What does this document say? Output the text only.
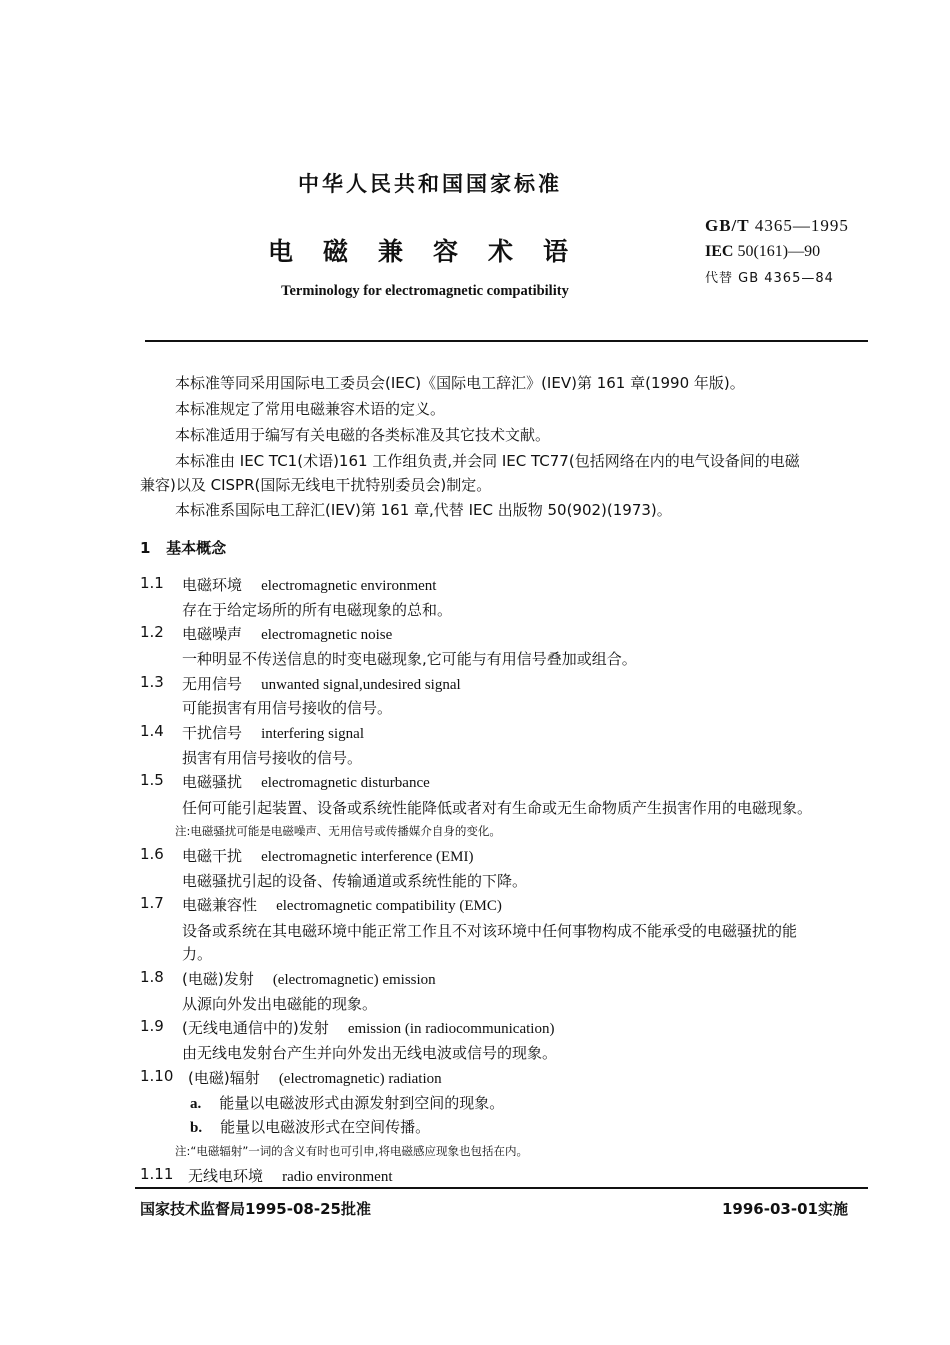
中华人民共和国国家标准
电磁兼容术语
Terminology for electromagnetic compatibility
GB/T 4365—1995
IEC 50(161)—90
代替 GB 4365—84
本标准等同采用国际电工委员会(IEC)《国际电工辞汇》(IEV)第 161 章(1990 年版)。
本标准规定了常用电磁兼容术语的定义。
本标准适用于编写有关电磁的各类标准及其它技术文献。
本标准由 IEC TC1(术语)161 工作组负责,并会同 IEC TC77(包括网络在内的电气设备间的电磁
兼容)以及 CISPR(国际无线电干扰特别委员会)制定。
本标准系国际电工辞汇(IEV)第 161 章,代替 IEC 出版物 50(902)(1973)。
1 基本概念
1.1 电磁环境 electromagnetic environment
存在于给定场所的所有电磁现象的总和。
1.2 电磁噪声 electromagnetic noise
一种明显不传送信息的时变电磁现象,它可能与有用信号叠加或组合。
1.3 无用信号 unwanted signal,undesired signal
可能损害有用信号接收的信号。
1.4 干扰信号 interfering signal
损害有用信号接收的信号。
1.5 电磁骚扰 electromagnetic disturbance
任何可能引起装置、设备或系统性能降低或者对有生命或无生命物质产生损害作用的电磁现象。
注:电磁骚扰可能是电磁噪声、无用信号或传播媒介自身的变化。
1.6 电磁干扰 electromagnetic interference (EMI)
电磁骚扰引起的设备、传输通道或系统性能的下降。
1.7 电磁兼容性 electromagnetic compatibility (EMC)
设备或系统在其电磁环境中能正常工作且不对该环境中任何事物构成不能承受的电磁骚扰的能
力。
1.8 (电磁)发射 (electromagnetic) emission
从源向外发出电磁能的现象。
1.9 (无线电通信中的)发射 emission (in radiocommunication)
由无线电发射台产生并向外发出无线电波或信号的现象。
1.10 (电磁)辐射 (electromagnetic) radiation
a. 能量以电磁波形式由源发射到空间的现象。
b. 能量以电磁波形式在空间传播。
注:“电磁辐射”一词的含义有时也可引申,将电磁感应现象也包括在内。
1.11 无线电环境 radio environment
国家技术监督局1995-08-25批准	1996-03-01实施
